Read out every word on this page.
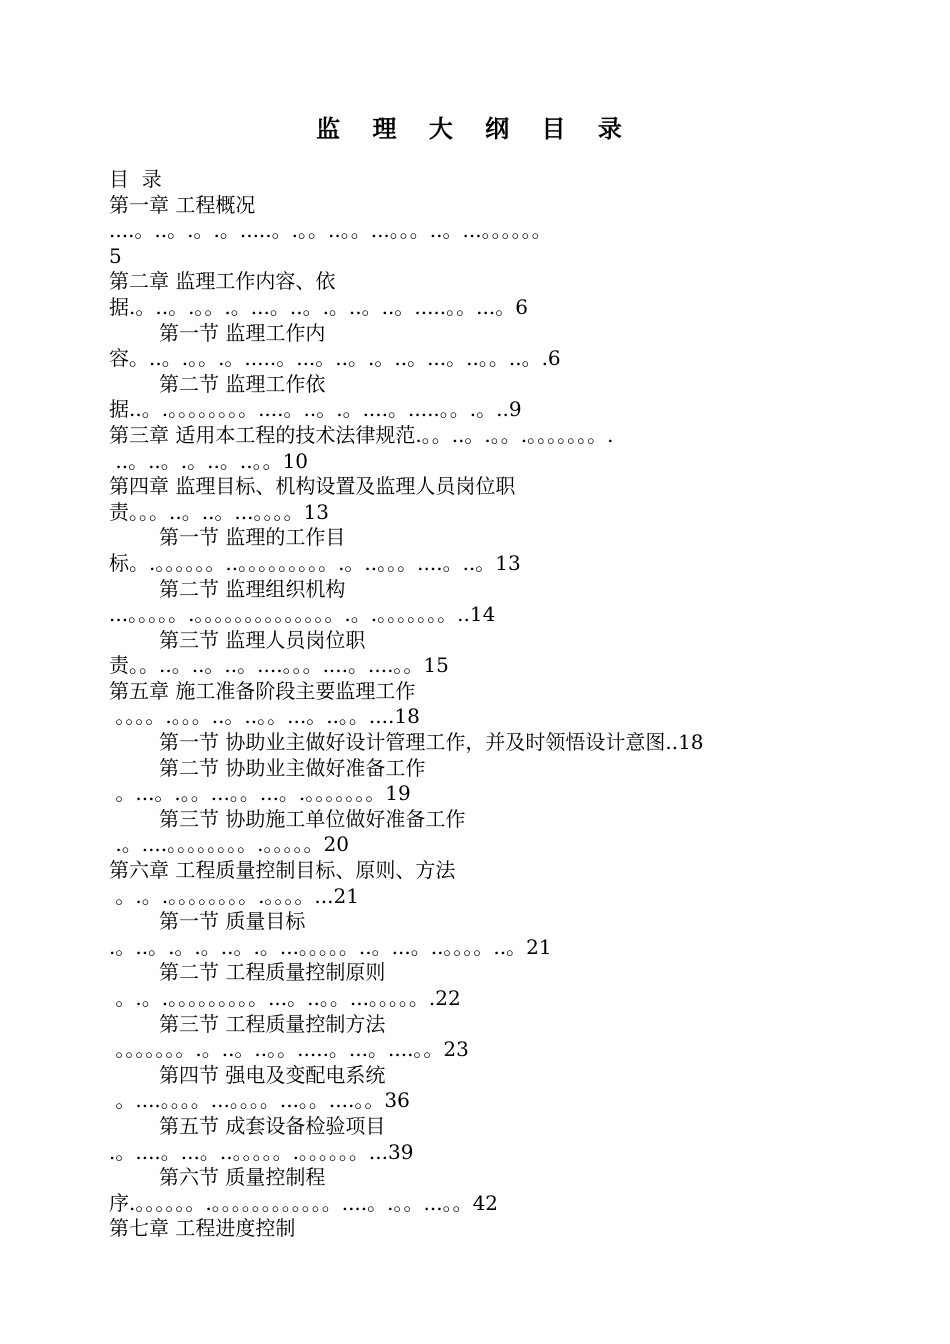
监 理 大 纲 目 录
目  录
第一章 工程概况
....。..。.。.。.....。.。。..。。...。。。..。...。。。。。。
5
第二章 监理工作内容、依
据.。..。.。。.。...。..。.。..。..。.....。。...。6
第一节 监理工作内
容。..。.。。.。.....。...。..。.。..。...。..。。..。.6
第二节 监理工作依
据..。.。。。。。。。。....。..。.。....。.....。。.。..9
第三章 适用本工程的技术法律规范.。。..。.。。.。。。。。。。.
..。..。.。..。..。。10
第四章 监理目标、机构设置及监理人员岗位职
责。。。..。..。...。。。。13
第一节 监理的工作目
标。.。。。。。。..。。。。。。。。。.。..。。。....。..。13
第二节 监理组织机构
...。。。。。.。。。。。。。。。。。。。。.。.。。。。。。。..14
第三节 监理人员岗位职
责。。..。..。..。....。。。....。....。。15
第五章 施工准备阶段主要监理工作
。。。。.。。。..。..。。...。..。。....18
第一节 协助业主做好设计管理工作，并及时领悟设计意图..18
第二节 协助业主做好准备工作
。...。.。。...。。...。.。。。。。。。19
第三节 协助施工单位做好准备工作
.。....。。。。。。。。.。。。。。20
第六章 工程质量控制目标、原则、方法
。.。.。。。。。。。。.。。。。...21
第一节 质量目标
.。..。.。.。..。.。...。。。。。..。...。..。。。。..。21
第二节 工程质量控制原则
。.。.。。。。。。。。。...。..。。...。。。。。.22
第三节 工程质量控制方法
。。。。。。。.。..。..。。.....。...。....。。23
第四节 强电及变配电系统
。....。。。。...。。。。...。。....。。36
第五节 成套设备检验项目
.。....。...。..。。。。。.。。。。。。...39
第六节 质量控制程
序.。。。。。。.。。。。。。。。。。。。....。.。。...。。42
第七章 工程进度控制
